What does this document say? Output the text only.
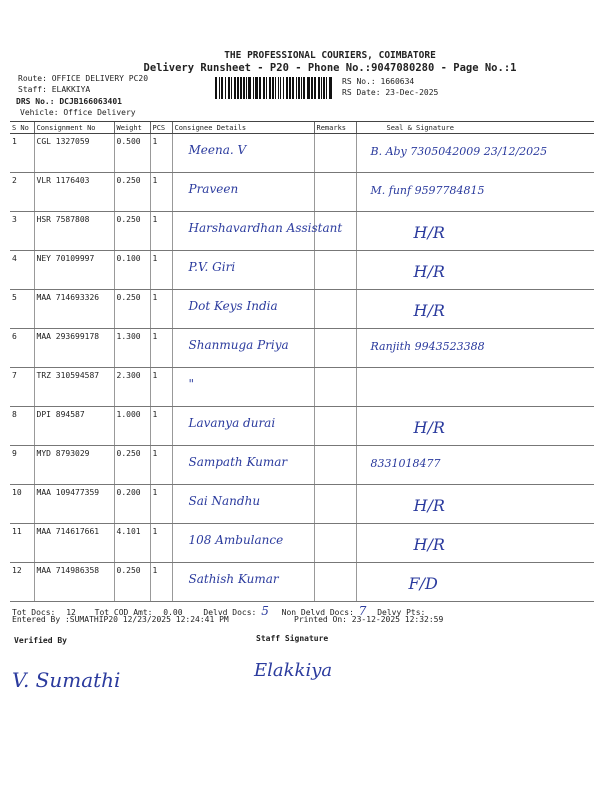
THE PROFESSIONAL COURIERS, COIMBATORE
Delivery Runsheet - P20 - Phone No.:9047080280 - Page No.:1
Route: OFFICE DELIVERY PC20
Staff: ELAKKIYA
DRS No.: DCJB166063401
Vehicle: Office Delivery
RS No.: 1660634
RS Date: 23-Dec-2025
S No	Consignment No	Weight	PCS	Consignee Details	Remarks	Seal & Signature
1	CGL 1327059	0.500	1	Meena. V		B. Aby 7305042009 23/12/2025
2	VLR 1176403	0.250	1	Praveen		M. funf 9597784815
3	HSR 7587808	0.250	1	Harshavardhan Assistant		H/R
4	NEY 70109997	0.100	1	P.V. Giri		H/R
5	MAA 714693326	0.250	1	Dot Keys India		H/R
6	MAA 293699178	1.300	1	Shanmuga Priya		Ranjith 9943523388
7	TRZ 310594587	2.300	1	"		
8	DPI 894587	1.000	1	Lavanya durai		H/R
9	MYD 8793029	0.250	1	Sampath Kumar		8331018477
10	MAA 109477359	0.200	1	Sai Nandhu		H/R
11	MAA 714617661	4.101	1	108 Ambulance		H/R
12	MAA 714986358	0.250	1	Sathish Kumar		F/D
Tot Docs: 12 Tot COD Amt: 0.00	Delvd Docs: 5 Non Delvd Docs: 7 Delvy Pts:
Entered By :SUMATHIP20 12/23/2025 12:24:41 PM	Printed On: 23-12-2025 12:32:59
Verified By	Staff Signature
V. Sumathi	Elakkiya
